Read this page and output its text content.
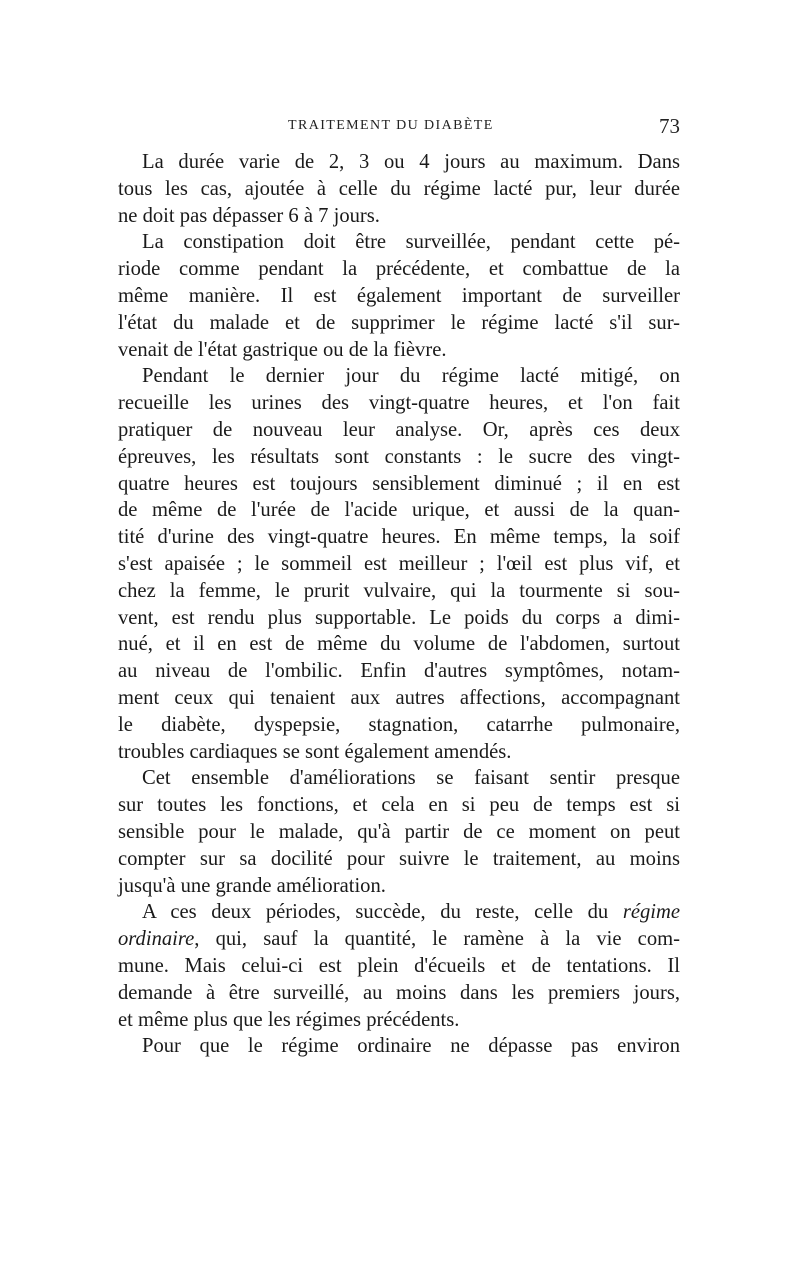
TRAITEMENT DU DIABÈTE	73

La durée varie de 2, 3 ou 4 jours au maximum. Dans
tous les cas, ajoutée à celle du régime lacté pur, leur durée
ne doit pas dépasser 6 à 7 jours.

La constipation doit être surveillée, pendant cette pé-
riode comme pendant la précédente, et combattue de la
même manière. Il est également important de surveiller
l'état du malade et de supprimer le régime lacté s'il sur-
venait de l'état gastrique ou de la fièvre.

Pendant le dernier jour du régime lacté mitigé, on
recueille les urines des vingt-quatre heures, et l'on fait
pratiquer de nouveau leur analyse. Or, après ces deux
épreuves, les résultats sont constants : le sucre des vingt-
quatre heures est toujours sensiblement diminué ; il en est
de même de l'urée de l'acide urique, et aussi de la quan-
tité d'urine des vingt-quatre heures. En même temps, la soif
s'est apaisée ; le sommeil est meilleur ; l'œil est plus vif, et
chez la femme, le prurit vulvaire, qui la tourmente si sou-
vent, est rendu plus supportable. Le poids du corps a dimi-
nué, et il en est de même du volume de l'abdomen, surtout
au niveau de l'ombilic. Enfin d'autres symptômes, notam-
ment ceux qui tenaient aux autres affections, accompagnant
le diabète, dyspepsie, stagnation, catarrhe pulmonaire,
troubles cardiaques se sont également amendés.

Cet ensemble d'améliorations se faisant sentir presque
sur toutes les fonctions, et cela en si peu de temps est si
sensible pour le malade, qu'à partir de ce moment on peut
compter sur sa docilité pour suivre le traitement, au moins
jusqu'à une grande amélioration.

A ces deux périodes, succède, du reste, celle du régime
ordinaire, qui, sauf la quantité, le ramène à la vie com-
mune. Mais celui-ci est plein d'écueils et de tentations. Il
demande à être surveillé, au moins dans les premiers jours,
et même plus que les régimes précédents.

Pour que le régime ordinaire ne dépasse pas environ
